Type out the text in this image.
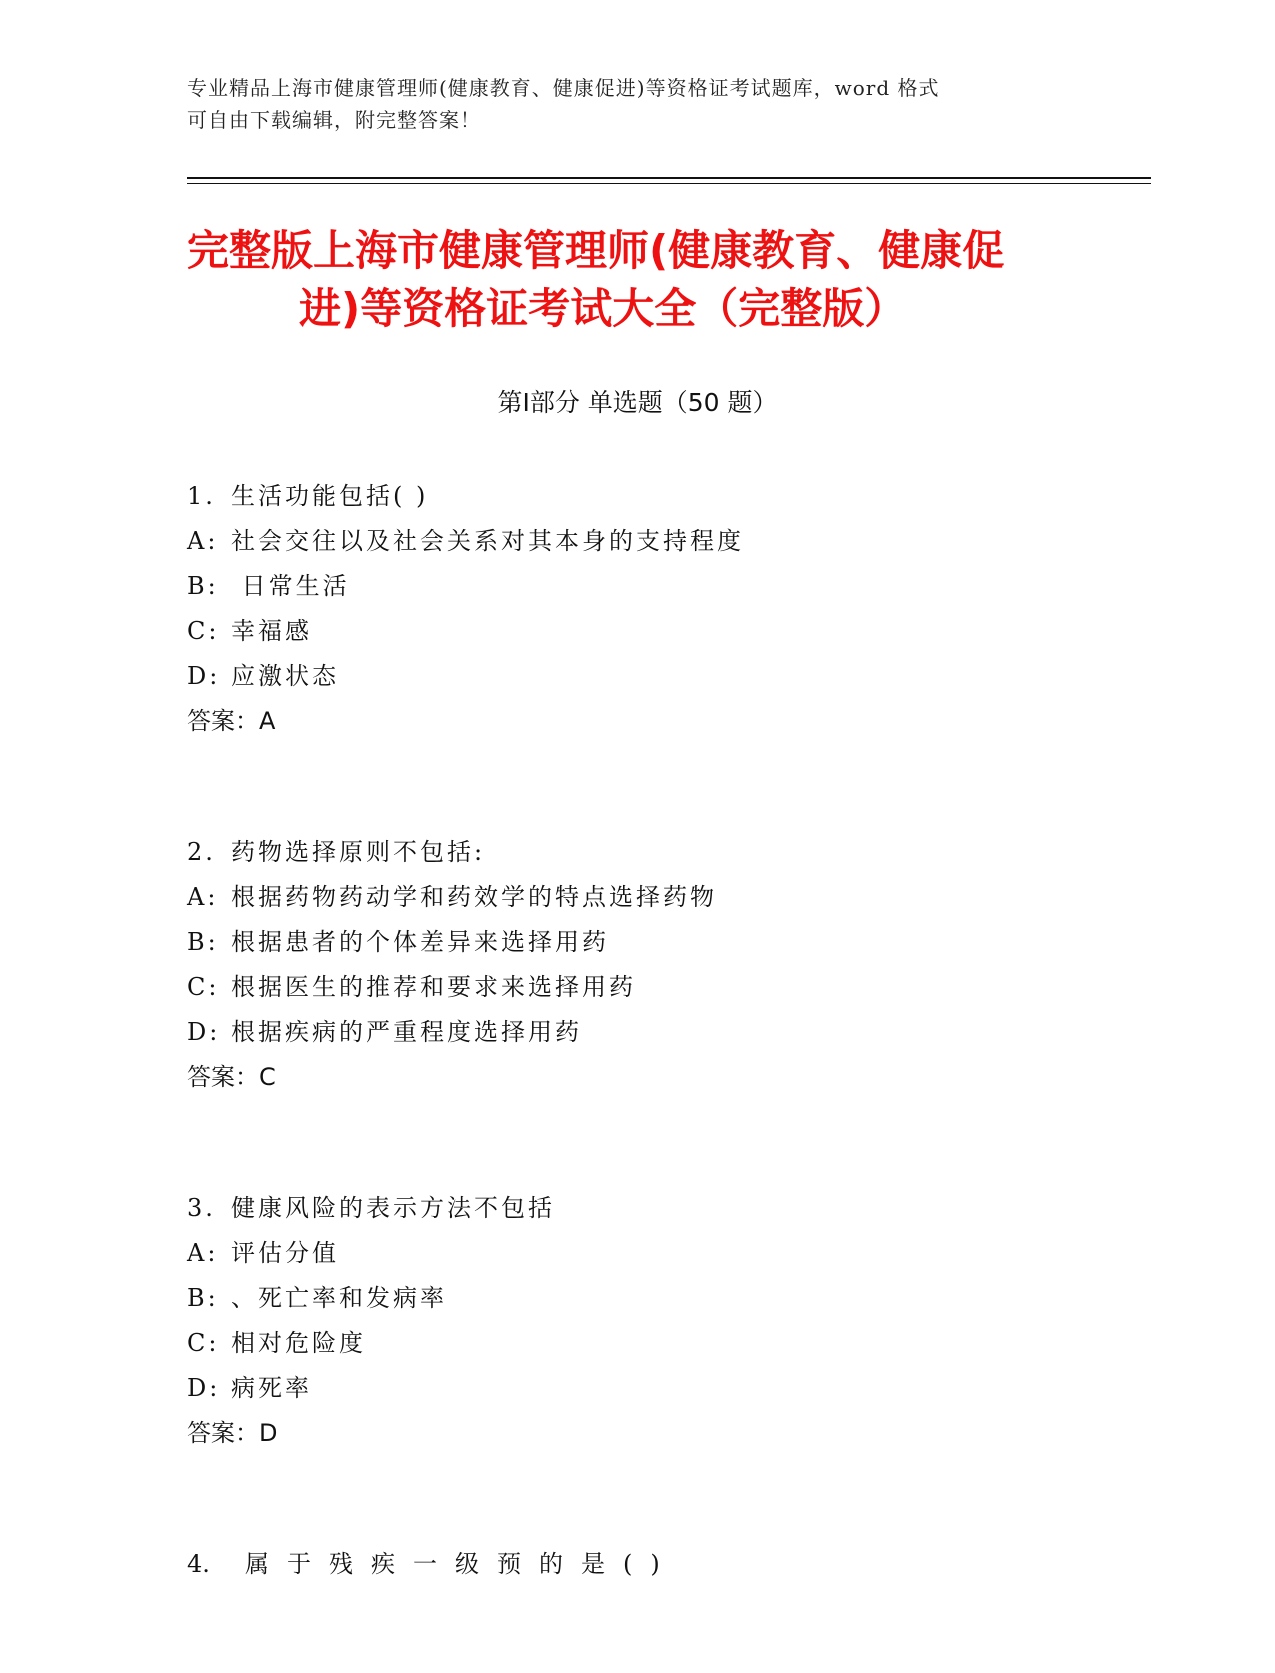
专业精品上海市健康管理师(健康教育、健康促进)等资格证考试题库，word 格式
可自由下载编辑，附完整答案！
完整版上海市健康管理师(健康教育、健康促
进)等资格证考试大全（完整版）
第Ⅰ部分 单选题（50 题）
1. 生活功能包括( )
A: 社会交往以及社会关系对其本身的支持程度
B: 日常生活
C: 幸福感
D: 应激状态
答案：A
2. 药物选择原则不包括:
A: 根据药物药动学和药效学的特点选择药物
B: 根据患者的个体差异来选择用药
C: 根据医生的推荐和要求来选择用药
D: 根据疾病的严重程度选择用药
答案：C
3. 健康风险的表示方法不包括
A: 评估分值
B: 、死亡率和发病率
C: 相对危险度
D: 病死率
答案：D
4. 属于残疾一级预的是()
